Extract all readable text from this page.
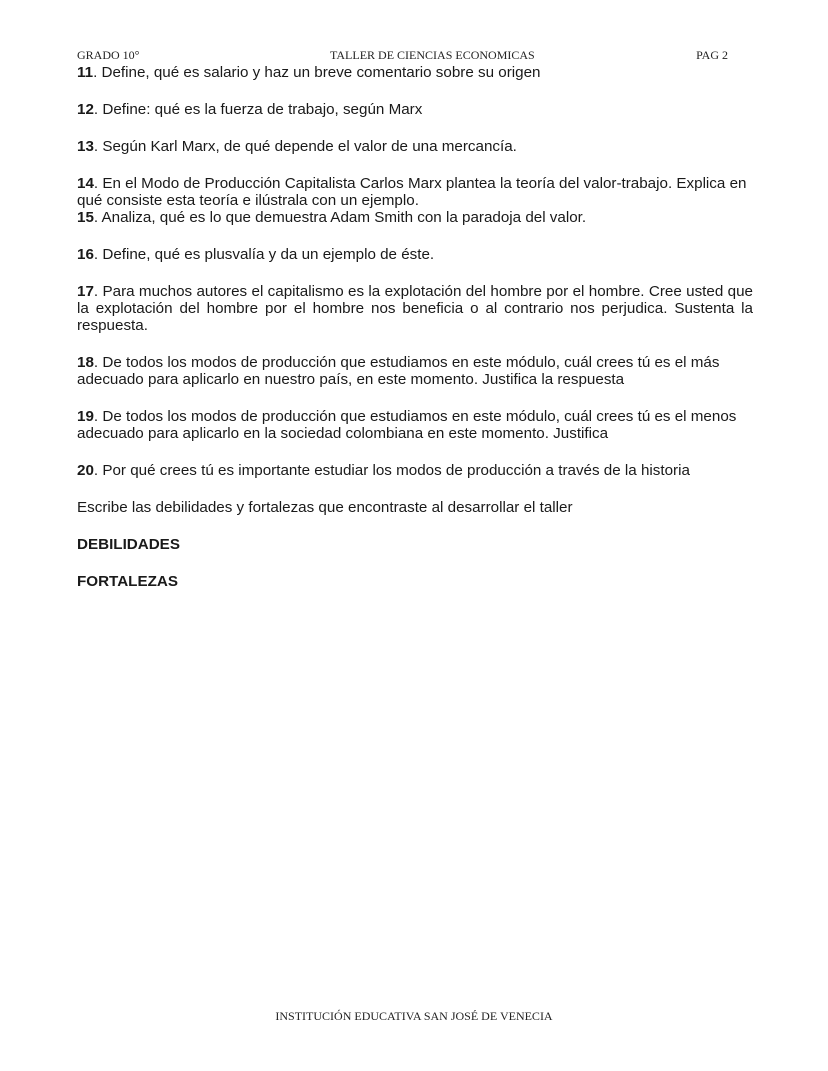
GRADO 10°	TALLER DE CIENCIAS ECONOMICAS	PAG 2

11. Define, qué es salario y haz un breve comentario sobre su origen

12. Define: qué es la fuerza de trabajo, según Marx

13. Según Karl Marx, de qué depende el valor de una mercancía.

14. En el Modo de Producción Capitalista Carlos Marx plantea la teoría del valor-trabajo. Explica en qué consiste esta teoría e ilústrala con un ejemplo.

15. Analiza, qué es lo que demuestra Adam Smith con la paradoja del valor.

16. Define, qué es plusvalía y da un ejemplo de éste.

17. Para muchos autores el capitalismo es la explotación del hombre por el hombre. Cree usted que la explotación del hombre por el hombre nos beneficia o al contrario nos perjudica. Sustenta la respuesta.

18. De todos los modos de producción que estudiamos en este módulo, cuál crees tú es el más adecuado para aplicarlo en nuestro país, en este momento. Justifica la respuesta

19. De todos los modos de producción que estudiamos en este módulo, cuál crees tú es el menos adecuado para aplicarlo en la sociedad colombiana en este momento. Justifica

20. Por qué crees tú es importante estudiar los modos de producción a través de la historia

Escribe las debilidades y fortalezas que encontraste al desarrollar el taller

DEBILIDADES

FORTALEZAS

INSTITUCIÓN EDUCATIVA SAN JOSÉ DE VENECIA
